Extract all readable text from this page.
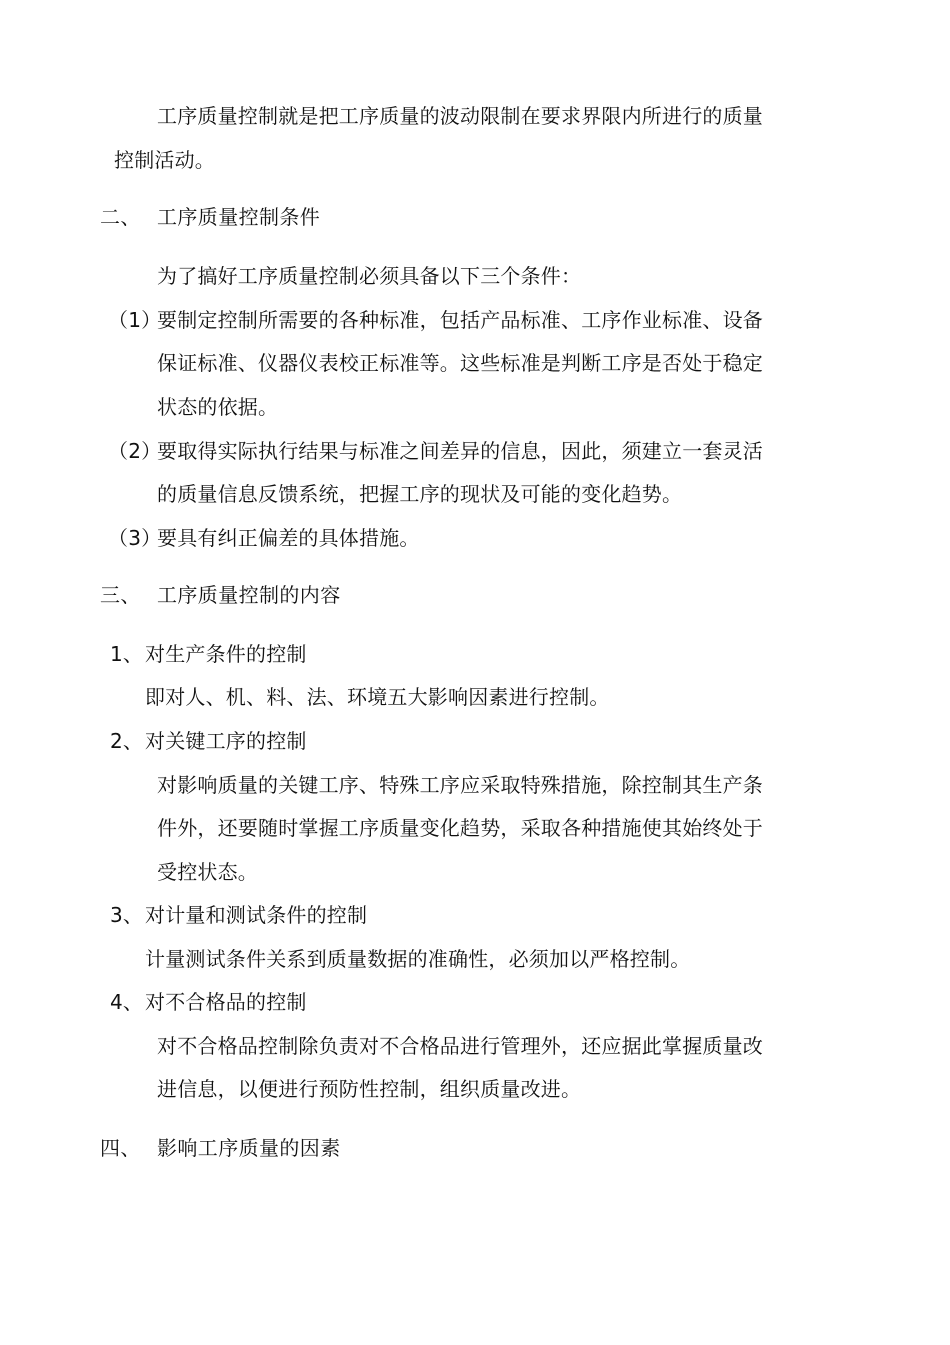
工序质量控制就是把工序质量的波动限制在要求界限内所进行的质量
控制活动。
二、 工序质量控制条件
为了搞好工序质量控制必须具备以下三个条件：
（1）
要制定控制所需要的各种标准，包括产品标准、工序作业标准、设备
保证标准、仪器仪表校正标准等。这些标准是判断工序是否处于稳定
状态的依据。
（2）
要取得实际执行结果与标准之间差异的信息，因此，须建立一套灵活
的质量信息反馈系统，把握工序的现状及可能的变化趋势。
（3）
要具有纠正偏差的具体措施。
三、 工序质量控制的内容
1、 对生产条件的控制
即对人、机、料、法、环境五大影响因素进行控制。
2、 对关键工序的控制
对影响质量的关键工序、特殊工序应采取特殊措施，除控制其生产条
件外，还要随时掌握工序质量变化趋势，采取各种措施使其始终处于
受控状态。
3、 对计量和测试条件的控制
计量测试条件关系到质量数据的准确性，必须加以严格控制。
4、 对不合格品的控制
对不合格品控制除负责对不合格品进行管理外，还应据此掌握质量改
进信息，以便进行预防性控制，组织质量改进。
四、 影响工序质量的因素
